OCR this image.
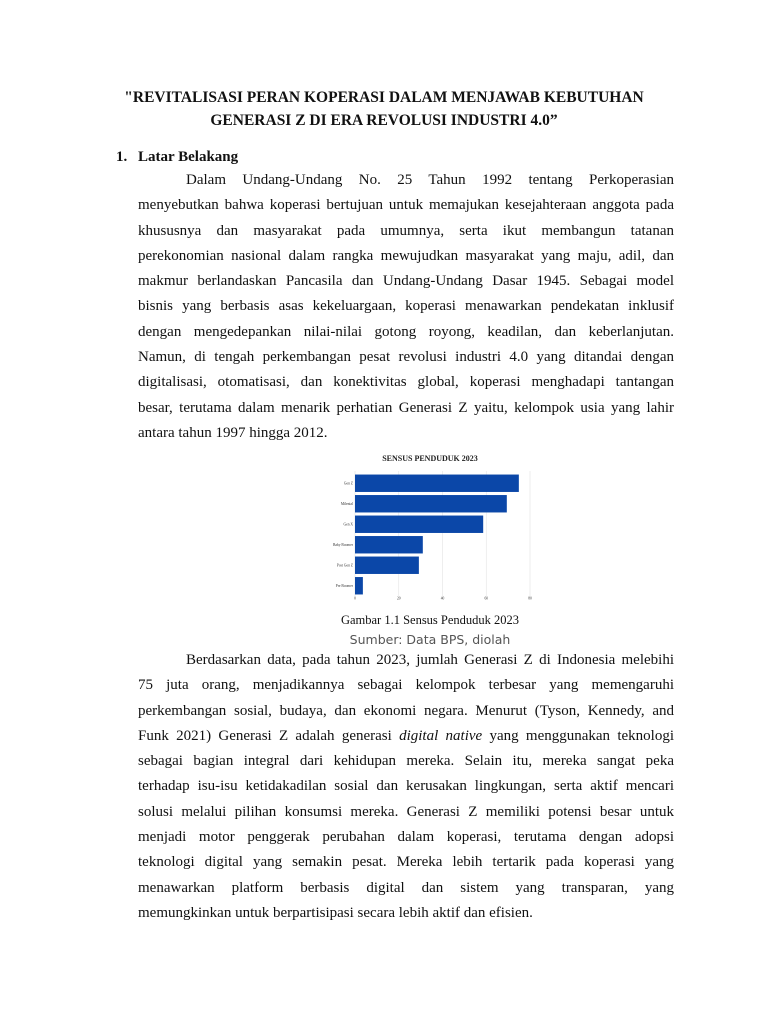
"REVITALISASI PERAN KOPERASI DALAM MENJAWAB KEBUTUHAN
GENERASI Z DI ERA REVOLUSI INDUSTRI 4.0”
1. Latar Belakang
Dalam Undang-Undang No. 25 Tahun 1992 tentang Perkoperasian
menyebutkan bahwa koperasi bertujuan untuk memajukan kesejahteraan anggota pada
khususnya dan masyarakat pada umumnya, serta ikut membangun tatanan
perekonomian nasional dalam rangka mewujudkan masyarakat yang maju, adil, dan
makmur berlandaskan Pancasila dan Undang-Undang Dasar 1945. Sebagai model
bisnis yang berbasis asas kekeluargaan, koperasi menawarkan pendekatan inklusif
dengan mengedepankan nilai-nilai gotong royong, keadilan, dan keberlanjutan.
Namun, di tengah perkembangan pesat revolusi industri 4.0 yang ditandai dengan
digitalisasi, otomatisasi, dan konektivitas global, koperasi menghadapi tantangan
besar, terutama dalam menarik perhatian Generasi Z yaitu, kelompok usia yang lahir
antara tahun 1997 hingga 2012.
SENSUS PENDUDUK 2023
0	20	40	60	80
Gen Z
Milenial
Gen X
Baby Boomer
Post Gen Z
Pre Boomer

Gambar 1.1 Sensus Penduduk 2023

Sumber: Data BPS, diolah

Berdasarkan data, pada tahun 2023, jumlah Generasi Z di Indonesia melebihi
75 juta orang, menjadikannya sebagai kelompok terbesar yang memengaruhi
perkembangan sosial, budaya, dan ekonomi negara. Menurut (Tyson, Kennedy, and
Funk 2021) Generasi Z adalah generasi digital native yang menggunakan teknologi
sebagai bagian integral dari kehidupan mereka. Selain itu, mereka sangat peka
terhadap isu-isu ketidakadilan sosial dan kerusakan lingkungan, serta aktif mencari
solusi melalui pilihan konsumsi mereka. Generasi Z memiliki potensi besar untuk
menjadi motor penggerak perubahan dalam koperasi, terutama dengan adopsi
teknologi digital yang semakin pesat. Mereka lebih tertarik pada koperasi yang
menawarkan platform berbasis digital dan sistem yang transparan, yang
memungkinkan untuk berpartisipasi secara lebih aktif dan efisien.
